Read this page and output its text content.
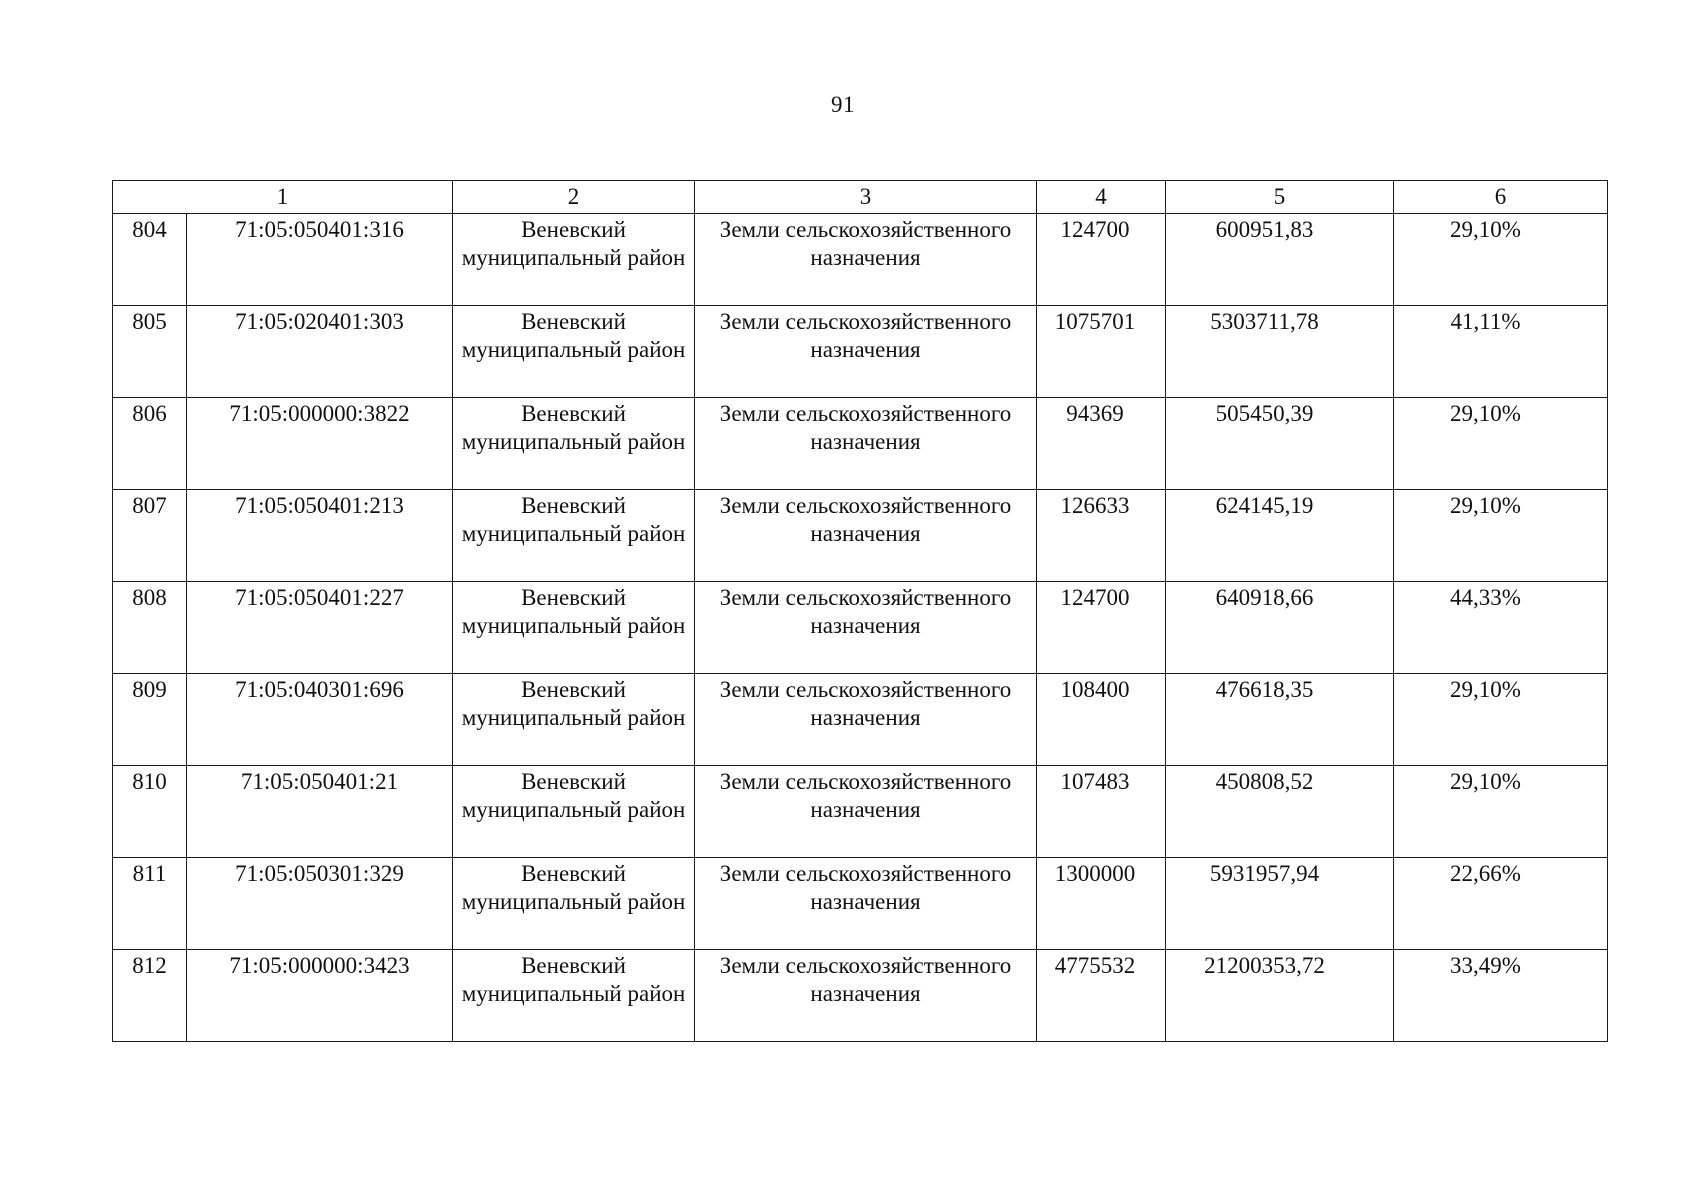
91
1		2	3	4	5	6
804	71:05:050401:316	Веневский муниципальный район	Земли сельскохозяйственного назначения	124700	600951,83	29,10%
805	71:05:020401:303	Веневский муниципальный район	Земли сельскохозяйственного назначения	1075701	5303711,78	41,11%
806	71:05:000000:3822	Веневский муниципальный район	Земли сельскохозяйственного назначения	94369	505450,39	29,10%
807	71:05:050401:213	Веневский муниципальный район	Земли сельскохозяйственного назначения	126633	624145,19	29,10%
808	71:05:050401:227	Веневский муниципальный район	Земли сельскохозяйственного назначения	124700	640918,66	44,33%
809	71:05:040301:696	Веневский муниципальный район	Земли сельскохозяйственного назначения	108400	476618,35	29,10%
810	71:05:050401:21	Веневский муниципальный район	Земли сельскохозяйственного назначения	107483	450808,52	29,10%
811	71:05:050301:329	Веневский муниципальный район	Земли сельскохозяйственного назначения	1300000	5931957,94	22,66%
812	71:05:000000:3423	Веневский муниципальный район	Земли сельскохозяйственного назначения	4775532	21200353,72	33,49%
